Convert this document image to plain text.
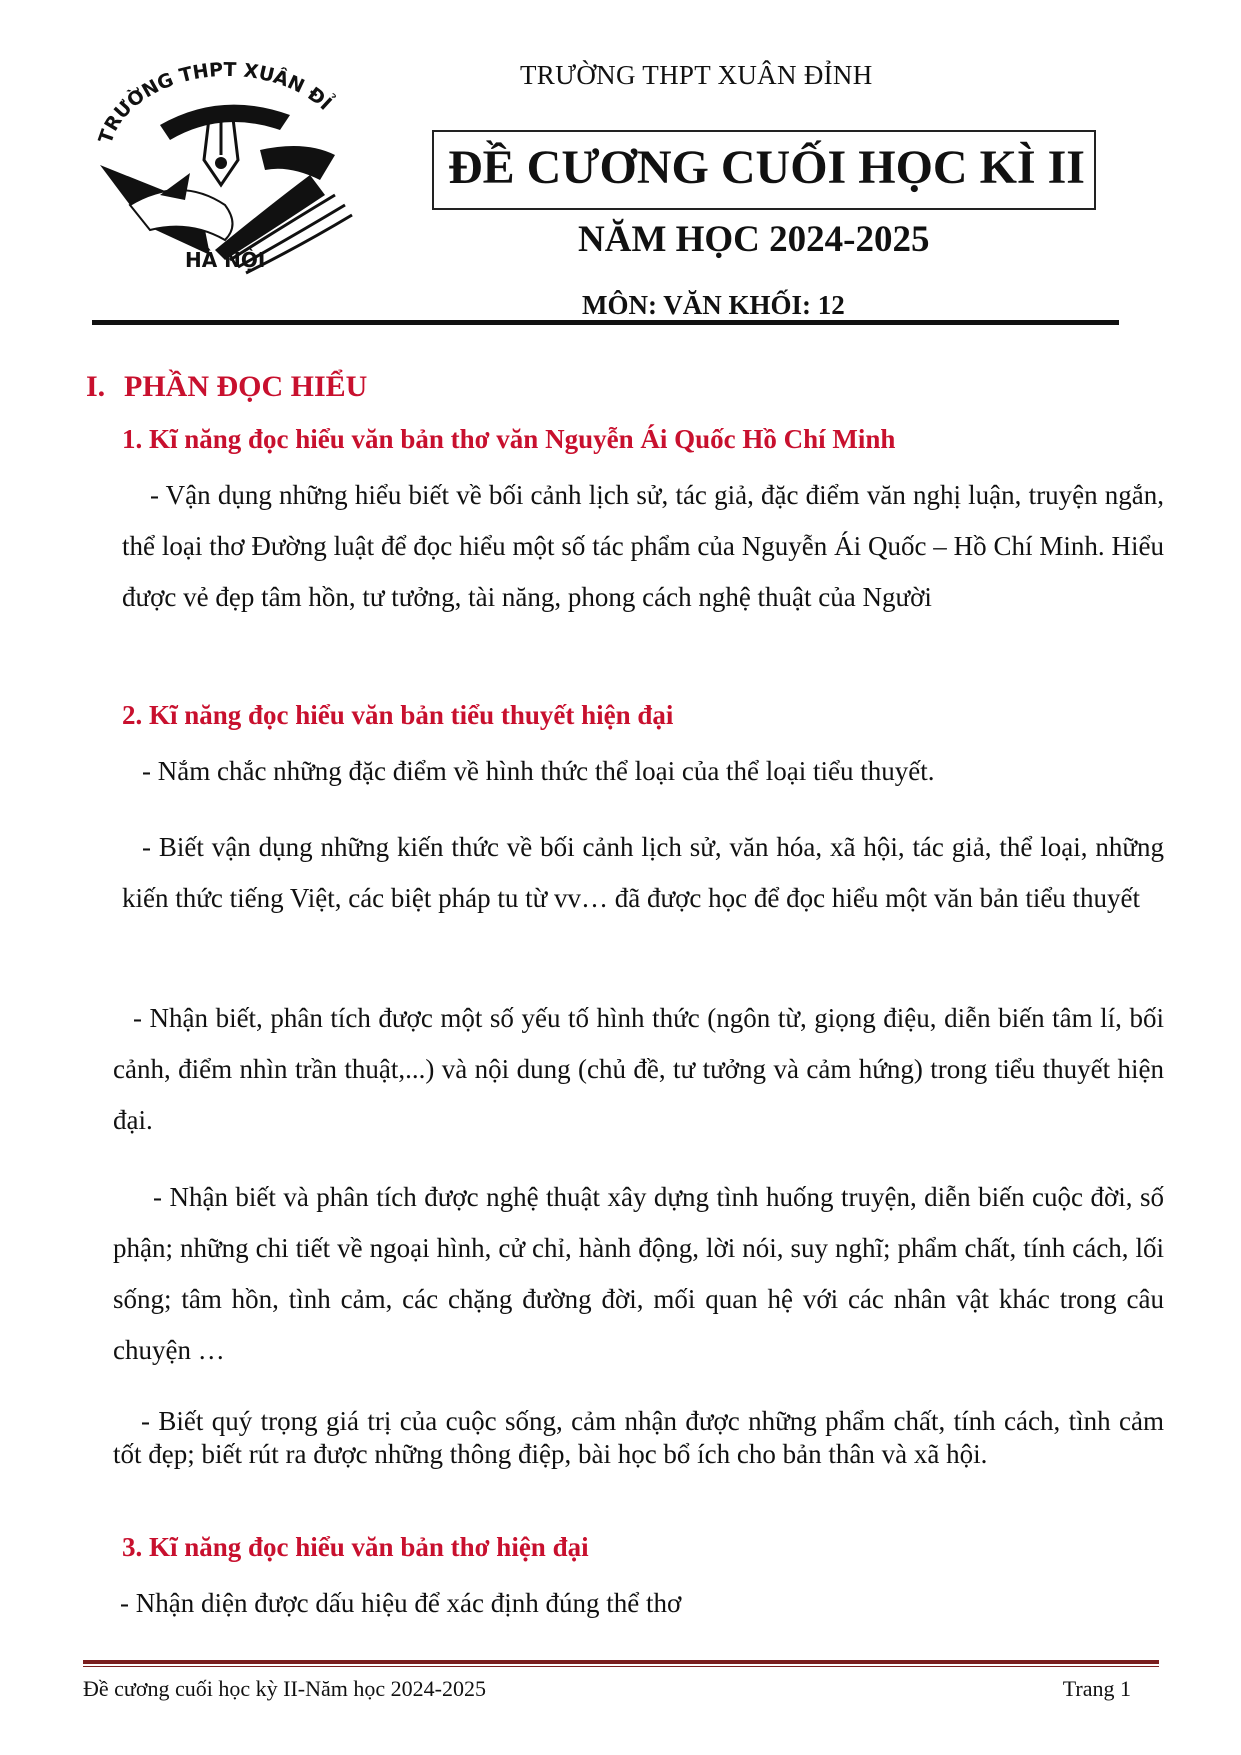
TRƯỜNG THPT XUÂN ĐỈ
HÀ NỘI
TRƯỜNG THPT XUÂN ĐỈNH
ĐỀ CƯƠNG CUỐI HỌC KÌ II
NĂM HỌC 2024-2025
MÔN: VĂN KHỐI: 12
I. PHẦN ĐỌC HIỂU
1. Kĩ năng đọc hiểu văn bản thơ văn Nguyễn Ái Quốc Hồ Chí Minh

- Vận dụng những hiểu biết về bối cảnh lịch sử, tác giả, đặc điểm văn nghị luận, truyện ngắn, thể loại thơ Đường luật để đọc hiểu một số tác phẩm của Nguyễn Ái Quốc – Hồ Chí Minh. Hiểu được vẻ đẹp tâm hồn, tư tưởng, tài năng, phong cách nghệ thuật của Người

2. Kĩ năng đọc hiểu văn bản tiểu thuyết hiện đại

- Nắm chắc những đặc điểm về hình thức thể loại của thể loại tiểu thuyết.

- Biết vận dụng những kiến thức về bối cảnh lịch sử, văn hóa, xã hội, tác giả, thể loại, những kiến thức tiếng Việt, các biệt pháp tu từ vv… đã được học để đọc hiểu một văn bản tiểu thuyết

- Nhận biết, phân tích được một số yếu tố hình thức (ngôn từ, giọng điệu, diễn biến tâm lí, bối cảnh, điểm nhìn trần thuật,...) và nội dung (chủ đề, tư tưởng và cảm hứng) trong tiểu thuyết hiện đại.

- Nhận biết và phân tích được nghệ thuật xây dựng tình huống truyện, diễn biến cuộc đời, số phận; những chi tiết về ngoại hình, cử chỉ, hành động, lời nói, suy nghĩ; phẩm chất, tính cách, lối sống; tâm hồn, tình cảm, các chặng đường đời, mối quan hệ với các nhân vật khác trong câu chuyện …

- Biết quý trọng giá trị của cuộc sống, cảm nhận được những phẩm chất, tính cách, tình cảm tốt đẹp; biết rút ra được những thông điệp, bài học bổ ích cho bản thân và xã hội.

3. Kĩ năng đọc hiểu văn bản thơ hiện đại

- Nhận diện được dấu hiệu để xác định đúng thể thơ

Đề cương cuối học kỳ II-Năm học 2024-2025	Trang 1
